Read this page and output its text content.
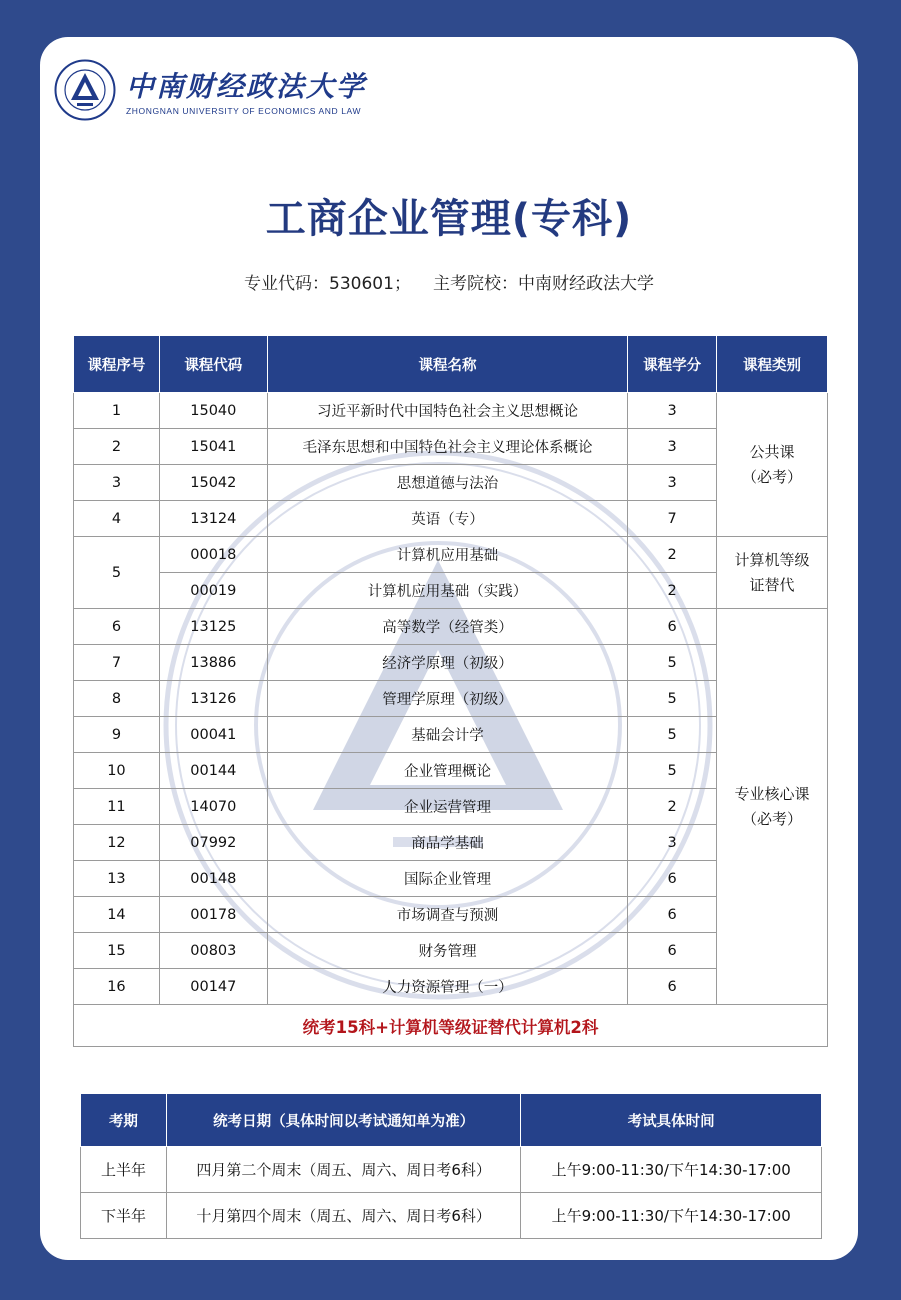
中南财经政法大学
ZHONGNAN UNIVERSITY OF ECONOMICS AND LAW
工商企业管理(专科)
专业代码：530601； 主考院校：中南财经政法大学
课程序号	课程代码	课程名称	课程学分	课程类别
1	15040	习近平新时代中国特色社会主义思想概论	3	公共课
（必考）

2	15041	毛泽东思想和中国特色社会主义理论体系概论	3	
3	15042	思想道德与法治	3	
4	13124	英语（专）	7	
5	00018	计算机应用基础	2	计算机等级
证替代

	00019	计算机应用基础（实践）	2	
6	13125	高等数学（经管类）	6	专业核心课
（必考）

7	13886	经济学原理（初级）	5	
8	13126	管理学原理（初级）	5	
9	00041	基础会计学	5	
10	00144	企业管理概论	5	
11	14070	企业运营管理	2	
12	07992	商品学基础	3	
13	00148	国际企业管理	6	
14	00178	市场调查与预测	6	
15	00803	财务管理	6	
16	00147	人力资源管理（一）	6	
统考15科+计算机等级证替代计算机2科				
考期	统考日期（具体时间以考试通知单为准）	考试具体时间
上半年	四月第二个周末（周五、周六、周日考6科）	上午9:00-11:30/下午14:30-17:00
下半年	十月第四个周末（周五、周六、周日考6科）	上午9:00-11:30/下午14:30-17:00
